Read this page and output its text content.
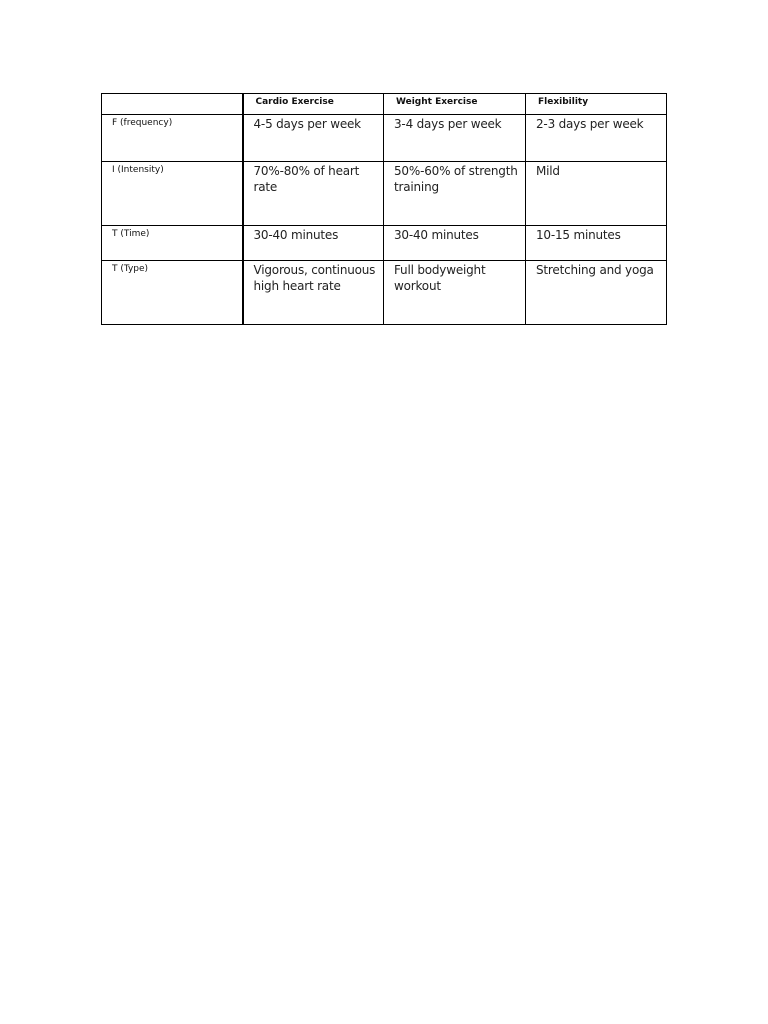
	Cardio Exercise	Weight Exercise	Flexibility

F (frequency)	4-5 days per week	3-4 days per week	2-3 days per week

I (Intensity)	70%-80% of heart rate	50%-60% of strength training	Mild

T (Time)	30-40 minutes	30-40 minutes	10-15 minutes

T (Type)	Vigorous, continuous high heart rate	Full bodyweight workout	Stretching and yoga
